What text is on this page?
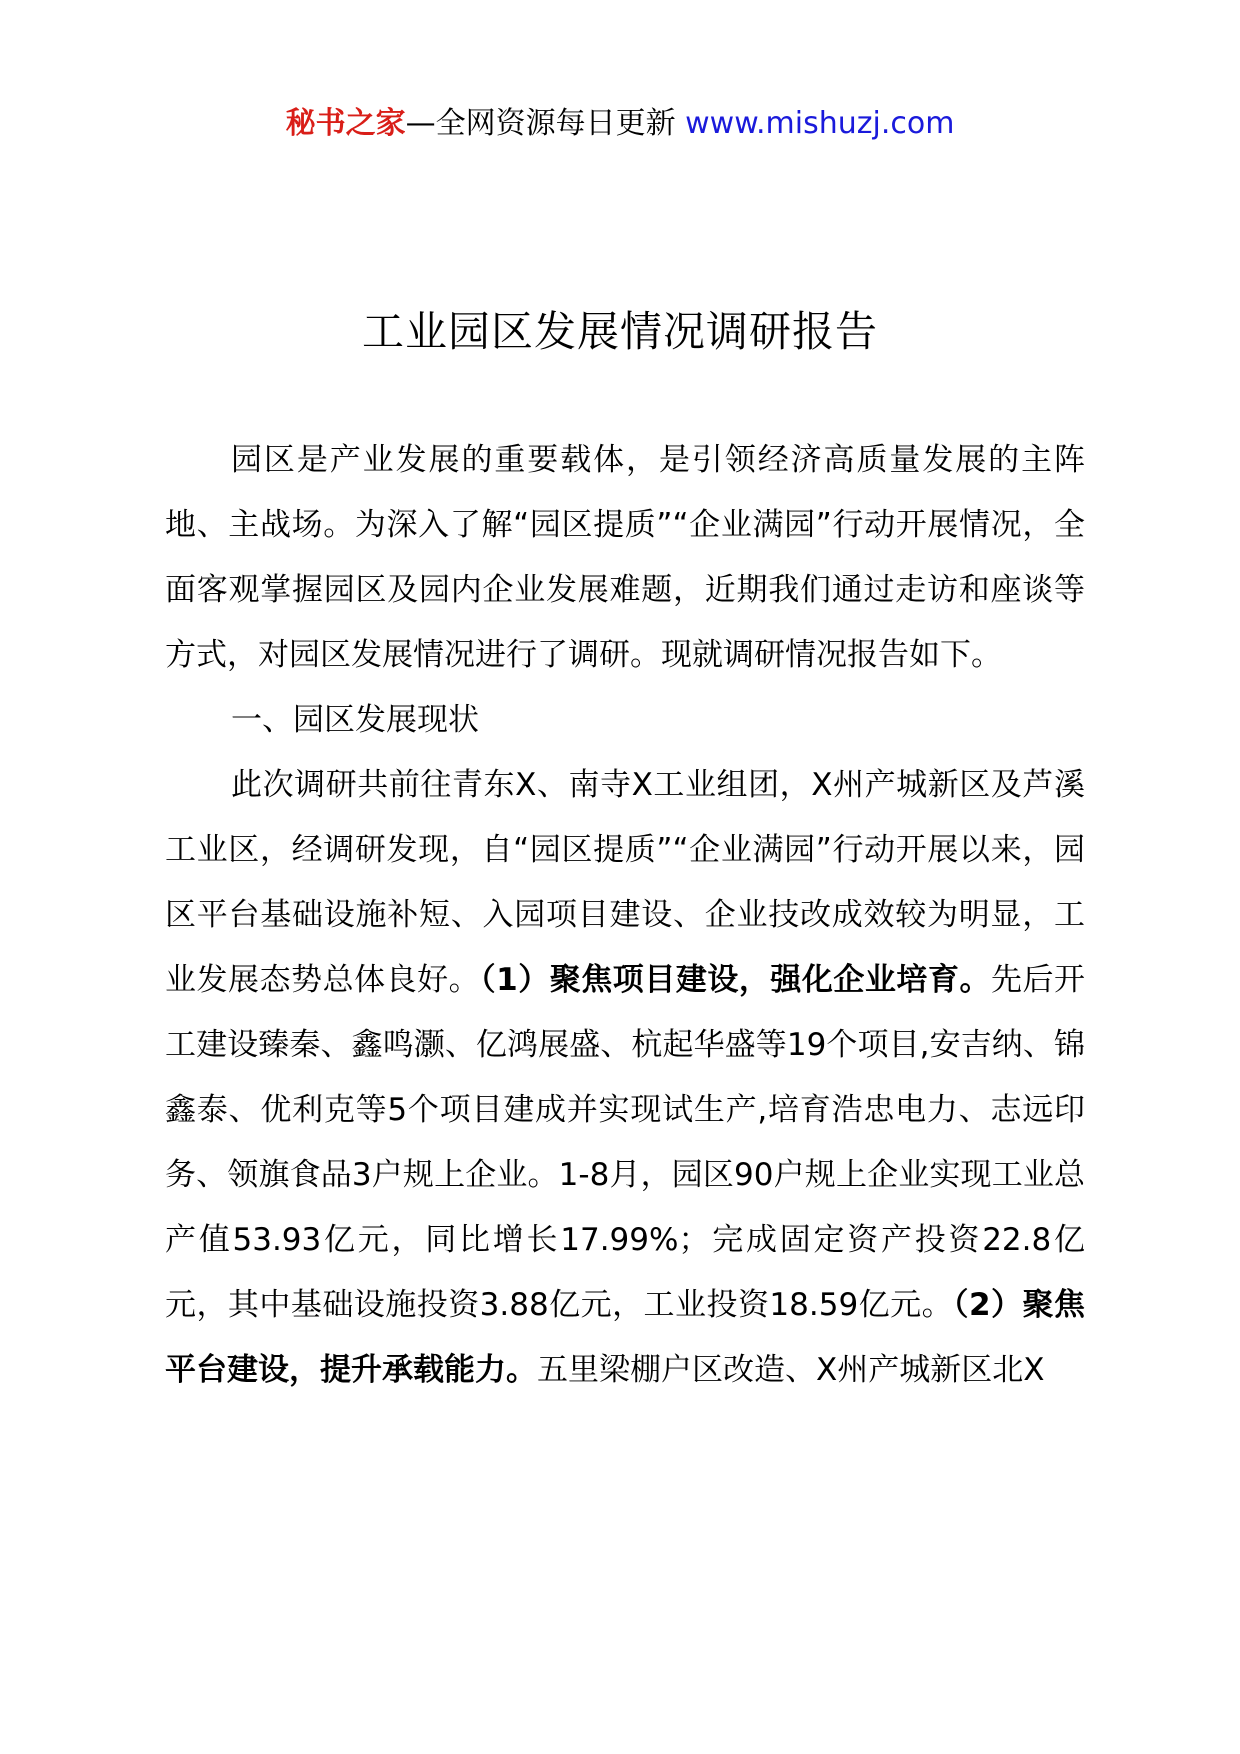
秘书之家—全网资源每日更新 www.mishuzj.com
工业园区发展情况调研报告

园区是产业发展的重要载体，是引领经济高质量发展的主阵地、主战场。为深入了解“园区提质”“企业满园”行动开展情况，全面客观掌握园区及园内企业发展难题，近期我们通过走访和座谈等方式，对园区发展情况进行了调研。现就调研情况报告如下。

一、园区发展现状

此次调研共前往青东X、南寺X工业组团，X州产城新区及芦溪工业区，经调研发现，自“园区提质”“企业满园”行动开展以来，园区平台基础设施补短、入园项目建设、企业技改成效较为明显，工业发展态势总体良好。（1）聚焦项目建设，强化企业培育。先后开工建设臻秦、鑫鸣灏、亿鸿展盛、杭起华盛等19个项目,安吉纳、锦鑫泰、优利克等5个项目建成并实现试生产,培育浩忠电力、志远印务、领旗食品3户规上企业。1-8月，园区90户规上企业实现工业总产值53.93亿元，同比增长17.99%；完成固定资产投资22.8亿元，其中基础设施投资3.88亿元，工业投资18.59亿元。（2）聚焦平台建设，提升承载能力。五里梁棚户区改造、X州产城新区北X
